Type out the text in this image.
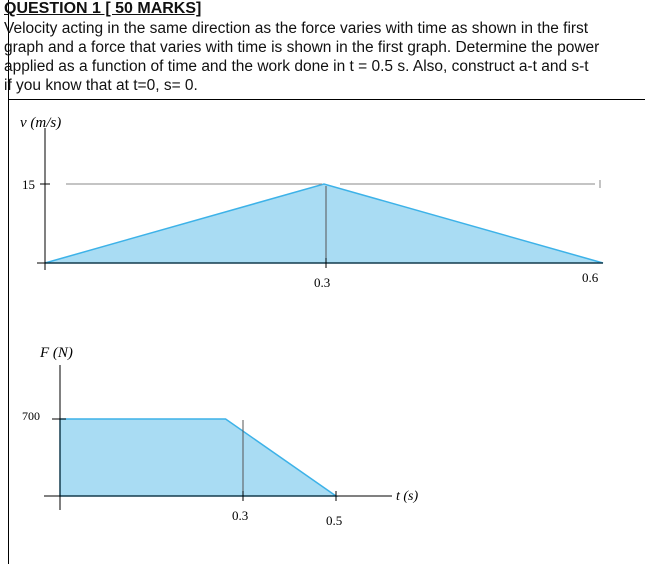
QUESTION 1 [ 50 MARKS]
Velocity acting in the same direction as the force varies with time as shown in the first
graph and a force that varies with time is shown in the first graph. Determine the power
applied as a function of time and the work done in t = 0.5 s. Also, construct a-t and s-t
if you know that at t=0, s= 0.
v (m/s)
15
0.3	0.6
F (N)
700
0.3	0.5
t (s)
